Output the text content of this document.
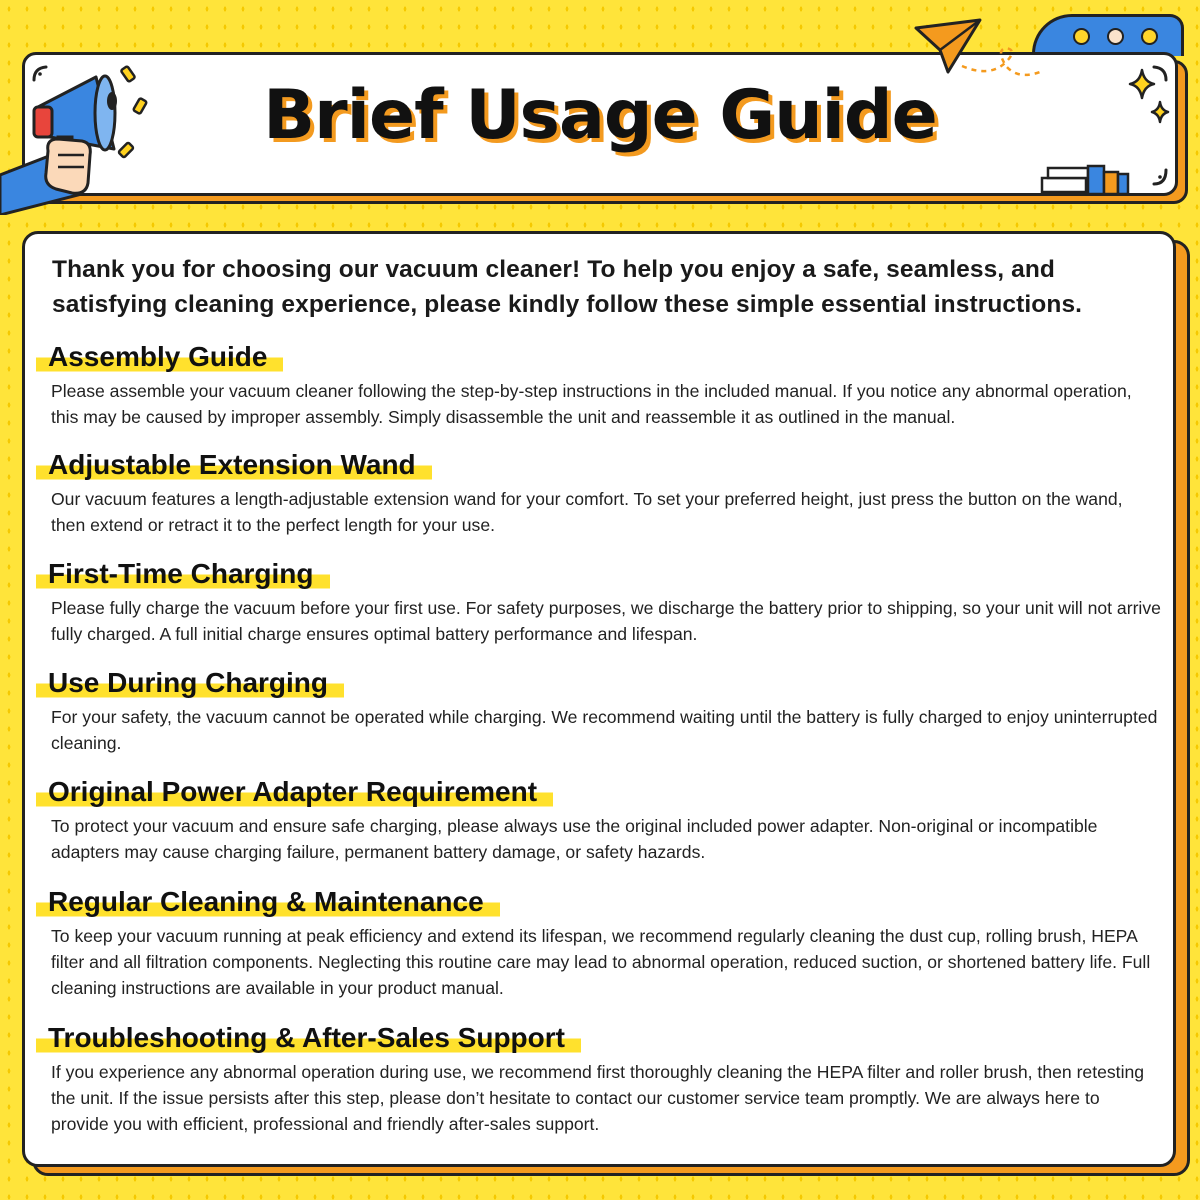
Brief Usage Guide
Thank you for choosing our vacuum cleaner! To help you enjoy a safe, seamless, and satisfying cleaning experience, please kindly follow these simple essential instructions.
Assembly Guide
Please assemble your vacuum cleaner following the step-by-step instructions in the included manual. If you notice any abnormal operation, this may be caused by improper assembly. Simply disassemble the unit and reassemble it as outlined in the manual.
Adjustable Extension Wand
Our vacuum features a length-adjustable extension wand for your comfort. To set your preferred height, just press the button on the wand, then extend or retract it to the perfect length for your use.
First-Time Charging
Please fully charge the vacuum before your first use. For safety purposes, we discharge the battery prior to shipping, so your unit will not arrive fully charged. A full initial charge ensures optimal battery performance and lifespan.
Use During Charging
For your safety, the vacuum cannot be operated while charging. We recommend waiting until the battery is fully charged to enjoy uninterrupted cleaning.
Original Power Adapter Requirement
To protect your vacuum and ensure safe charging, please always use the original included power adapter. Non-original or incompatible adapters may cause charging failure, permanent battery damage, or safety hazards.
Regular Cleaning & Maintenance
To keep your vacuum running at peak efficiency and extend its lifespan, we recommend regularly cleaning the dust cup, rolling brush, HEPA filter and all filtration components. Neglecting this routine care may lead to abnormal operation, reduced suction, or shortened battery life. Full cleaning instructions are available in your product manual.
Troubleshooting & After-Sales Support
If you experience any abnormal operation during use, we recommend first thoroughly cleaning the HEPA filter and roller brush, then retesting the unit. If the issue persists after this step, please don’t hesitate to contact our customer service team promptly. We are always here to provide you with efficient, professional and friendly after-sales support.
